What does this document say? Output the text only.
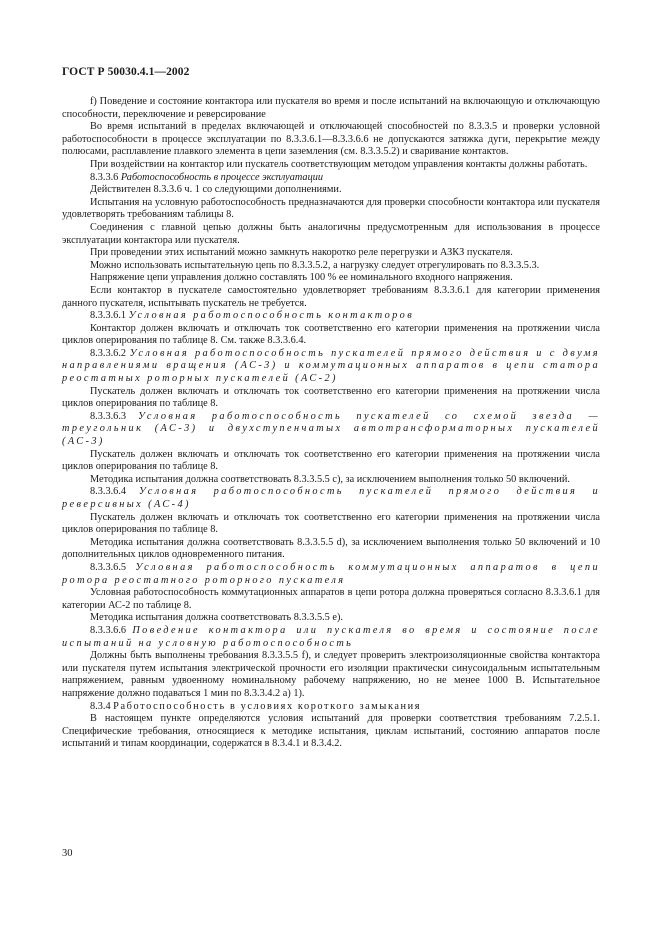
ГОСТ Р 50030.4.1—2002

f) Поведение и состояние контактора или пускателя во время и после испытаний на включающую и отключающую способности, переключение и реверсирование

Во время испытаний в пределах включающей и отключающей способностей по 8.3.3.5 и проверки условной работоспособности в процессе эксплуатации по 8.3.3.6.1—8.3.3.6.6 не допускаются затяжка дуги, перекрытие между полюсами, расплавление плавкого элемента в цепи заземления (см. 8.3.3.5.2) и сваривание контактов.

При воздействии на контактор или пускатель соответствующим методом управления контакты должны работать.

8.3.3.6 Работоспособность в процессе эксплуатации

Действителен 8.3.3.6 ч. 1 со следующими дополнениями.

Испытания на условную работоспособность предназначаются для проверки способности контактора или пускателя удовлетворять требованиям таблицы 8.

Соединения с главной цепью должны быть аналогичны предусмотренным для использования в процессе эксплуатации контактора или пускателя.

При проведении этих испытаний можно замкнуть накоротко реле перегрузки и АЗКЗ пускателя.

Можно использовать испытательную цепь по 8.3.3.5.2, а нагрузку следует отрегулировать по 8.3.3.5.3.

Напряжение цепи управления должно составлять 100 % ее номинального входного напряжения.

Если контактор в пускателе самостоятельно удовлетворяет требованиям 8.3.3.6.1 для категории применения данного пускателя, испытывать пускатель не требуется.

8.3.3.6.1 Условная работоспособность контакторов

Контактор должен включать и отключать ток соответственно его категории применения на протяжении числа циклов оперирования по таблице 8. См. также 8.3.3.6.4.

8.3.3.6.2 Условная работоспособность пускателей прямого действия и с двумя направлениями вращения (АС-3) и коммутационных аппаратов в цепи статора реостатных роторных пускателей (АС-2)

Пускатель должен включать и отключать ток соответственно его категории применения на протяжении числа циклов оперирования по таблице 8.

8.3.3.6.3 Условная работоспособность пускателей со схемой звезда — треугольник (АС-3) и двухступенчатых автотрансформаторных пускателей (АС-3)

Пускатель должен включать и отключать ток соответственно его категории применения на протяжении числа циклов оперирования по таблице 8.

Методика испытания должна соответствовать 8.3.3.5.5 с), за исключением выполнения только 50 включений.

8.3.3.6.4 Условная работоспособность пускателей прямого действия и реверсивных (АС-4)

Пускатель должен включать и отключать ток соответственно его категории применения на протяжении числа циклов оперирования по таблице 8.

Методика испытания должна соответствовать 8.3.3.5.5 d), за исключением выполнения только 50 включений и 10 дополнительных циклов одновременного питания.

8.3.3.6.5 Условная работоспособность коммутационных аппаратов в цепи ротора реостатного роторного пускателя

Условная работоспособность коммутационных аппаратов в цепи ротора должна проверяться согласно 8.3.3.6.1 для категории АС-2 по таблице 8.

Методика испытания должна соответствовать 8.3.3.5.5 е).

8.3.3.6.6 Поведение контактора или пускателя во время и состояние после испытаний на условную работоспособность

Должны быть выполнены требования 8.3.3.5.5 f), и следует проверить электроизоляционные свойства контактора или пускателя путем испытания электрической прочности его изоляции практически синусоидальным испытательным напряжением, равным удвоенному номинальному рабочему напряжению, но не менее 1000 В. Испытательное напряжение должно подаваться 1 мин по 8.3.3.4.2 а) 1).

8.3.4 Работоспособность в условиях короткого замыкания

В настоящем пункте определяются условия испытаний для проверки соответствия требованиям 7.2.5.1. Специфические требования, относящиеся к методике испытания, циклам испытаний, состоянию аппаратов после испытаний и типам координации, содержатся в 8.3.4.1 и 8.3.4.2.

30
